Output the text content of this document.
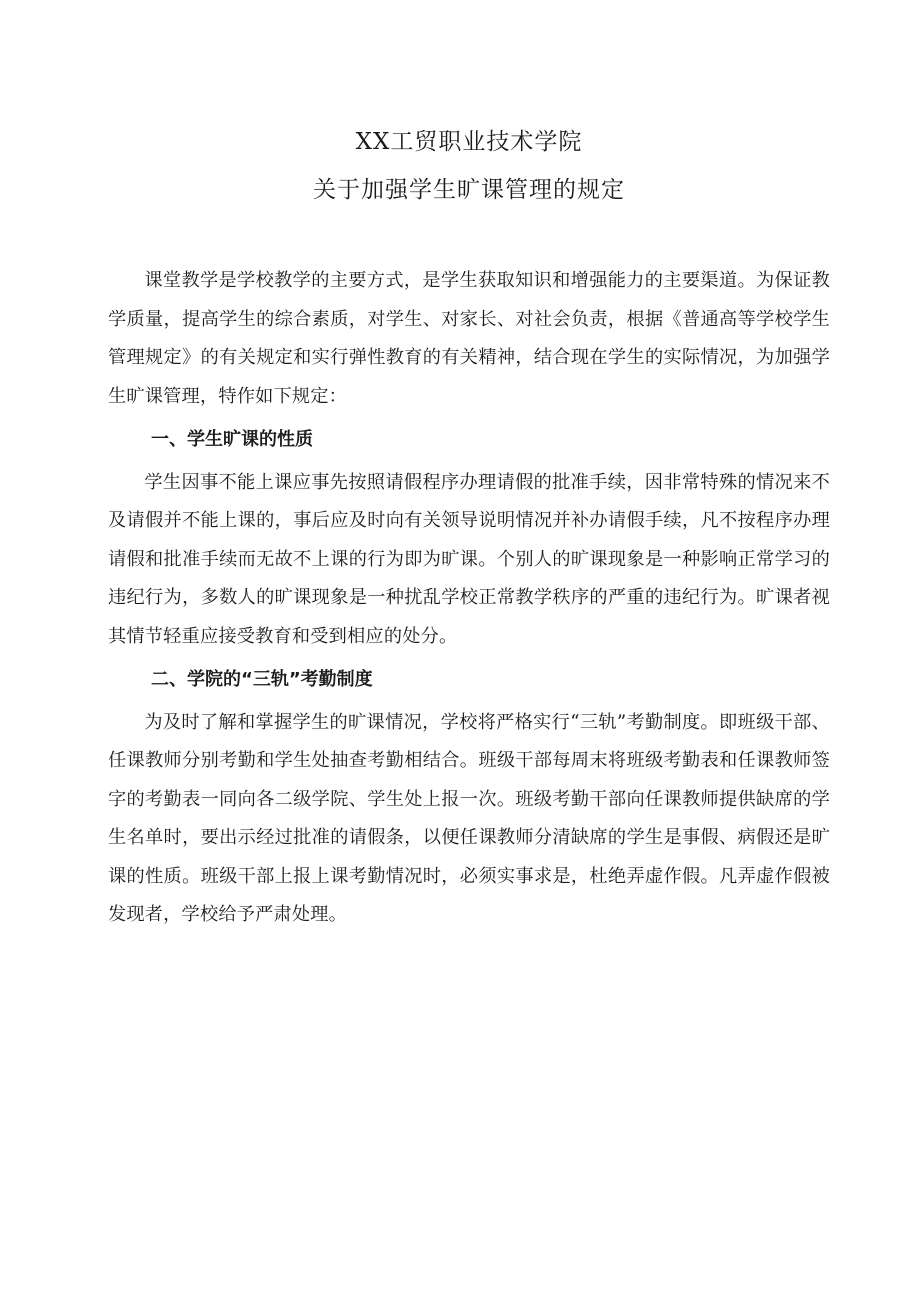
XX工贸职业技术学院
关于加强学生旷课管理的规定

课堂教学是学校教学的主要方式，是学生获取知识和增强能力的主要渠道。为保证教学质量，提高学生的综合素质，对学生、对家长、对社会负责，根据《普通高等学校学生管理规定》的有关规定和实行弹性教育的有关精神，结合现在学生的实际情况，为加强学生旷课管理，特作如下规定：

一、学生旷课的性质

学生因事不能上课应事先按照请假程序办理请假的批准手续，因非常特殊的情况来不及请假并不能上课的，事后应及时向有关领导说明情况并补办请假手续，凡不按程序办理请假和批准手续而无故不上课的行为即为旷课。个别人的旷课现象是一种影响正常学习的违纪行为，多数人的旷课现象是一种扰乱学校正常教学秩序的严重的违纪行为。旷课者视其情节轻重应接受教育和受到相应的处分。

二、学院的“三轨”考勤制度

为及时了解和掌握学生的旷课情况，学校将严格实行“三轨”考勤制度。即班级干部、任课教师分别考勤和学生处抽查考勤相结合。班级干部每周末将班级考勤表和任课教师签字的考勤表一同向各二级学院、学生处上报一次。班级考勤干部向任课教师提供缺席的学生名单时，要出示经过批准的请假条，以便任课教师分清缺席的学生是事假、病假还是旷课的性质。班级干部上报上课考勤情况时，必须实事求是，杜绝弄虚作假。凡弄虚作假被发现者，学校给予严肃处理。
